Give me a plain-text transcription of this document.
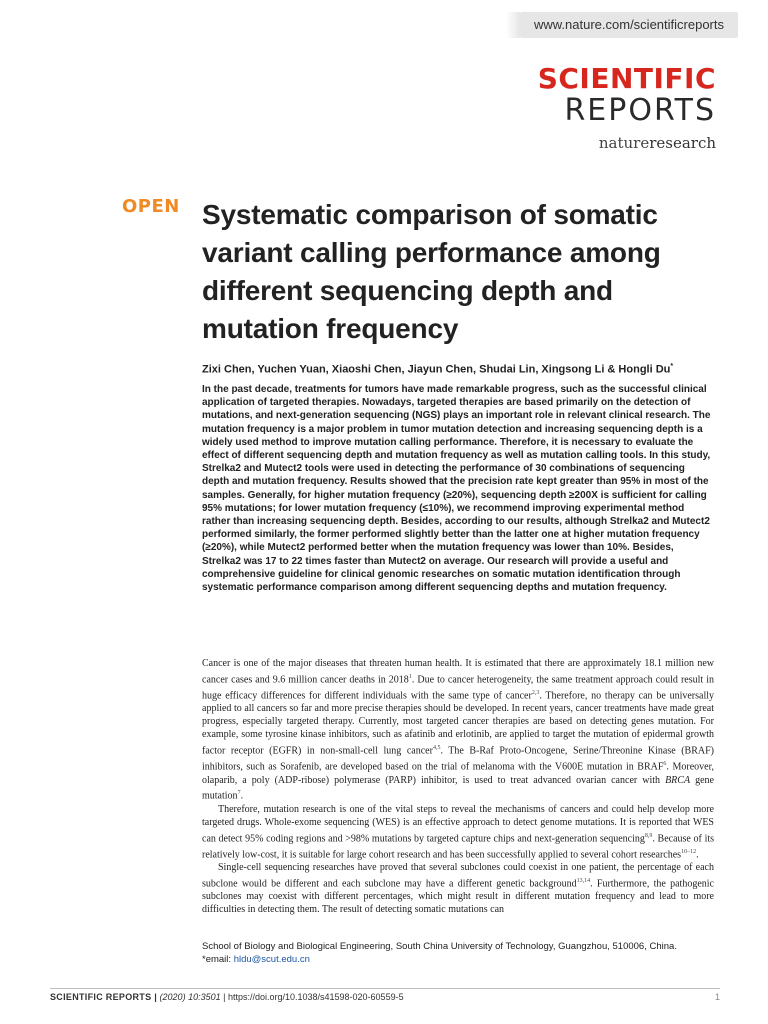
www.nature.com/scientificreports
SCIENTIFIC
REPORTS
natureresearch
OPEN Systematic comparison of somatic variant calling performance among different sequencing depth and mutation frequency
Zixi Chen, Yuchen Yuan, Xiaoshi Chen, Jiayun Chen, Shudai Lin, Xingsong Li & Hongli Du*
In the past decade, treatments for tumors have made remarkable progress, such as the successful clinical application of targeted therapies. Nowadays, targeted therapies are based primarily on the detection of mutations, and next-generation sequencing (NGS) plays an important role in relevant clinical research. The mutation frequency is a major problem in tumor mutation detection and increasing sequencing depth is a widely used method to improve mutation calling performance. Therefore, it is necessary to evaluate the effect of different sequencing depth and mutation frequency as well as mutation calling tools. In this study, Strelka2 and Mutect2 tools were used in detecting the performance of 30 combinations of sequencing depth and mutation frequency. Results showed that the precision rate kept greater than 95% in most of the samples. Generally, for higher mutation frequency (≥20%), sequencing depth ≥200X is sufficient for calling 95% mutations; for lower mutation frequency (≤10%), we recommend improving experimental method rather than increasing sequencing depth. Besides, according to our results, although Strelka2 and Mutect2 performed similarly, the former performed slightly better than the latter one at higher mutation frequency (≥20%), while Mutect2 performed better when the mutation frequency was lower than 10%. Besides, Strelka2 was 17 to 22 times faster than Mutect2 on average. Our research will provide a useful and comprehensive guideline for clinical genomic researches on somatic mutation identification through systematic performance comparison among different sequencing depths and mutation frequency.

Cancer is one of the major diseases that threaten human health. It is estimated that there are approximately 18.1 million new cancer cases and 9.6 million cancer deaths in 2018$^1$. Due to cancer heterogeneity, the same treatment approach could result in huge efficacy differences for different individuals with the same type of cancer$^{2,3}$. Therefore, no therapy can be universally applied to all cancers so far and more precise therapies should be developed. In recent years, cancer treatments have made great progress, especially targeted therapy. Currently, most targeted cancer therapies are based on detecting genes mutation. For example, some tyrosine kinase inhibitors, such as afatinib and erlotinib, are applied to target the mutation of epidermal growth factor receptor (EGFR) in non-small-cell lung cancer$^{4,5}$. The B-Raf Proto-Oncogene, Serine/Threonine Kinase (BRAF) inhibitors, such as Sorafenib, are developed based on the trial of melanoma with the V600E mutation in BRAF$^6$. Moreover, olaparib, a poly (ADP-ribose) polymerase (PARP) inhibitor, is used to treat advanced ovarian cancer with BRCA gene mutation$^7$.

Therefore, mutation research is one of the vital steps to reveal the mechanisms of cancers and could help develop more targeted drugs. Whole-exome sequencing (WES) is an effective approach to detect genome mutations. It is reported that WES can detect 95% coding regions and >98% mutations by targeted capture chips and next-generation sequencing$^{8,9}$. Because of its relatively low-cost, it is suitable for large cohort research and has been successfully applied to several cohort researches$^{10-12}$.

Single-cell sequencing researches have proved that several subclones could coexist in one patient, the percentage of each subclone would be different and each subclone may have a different genetic background$^{13,14}$. Furthermore, the pathogenic subclones may coexist with different percentages, which might result in different mutation frequency and lead to more difficulties in detecting them. The result of detecting somatic mutations can

School of Biology and Biological Engineering, South China University of Technology, Guangzhou, 510006, China.
*email: hldu@scut.edu.cn
SCIENTIFIC REPORTS | (2020) 10:3501 | https://doi.org/10.1038/s41598-020-60559-5	1
